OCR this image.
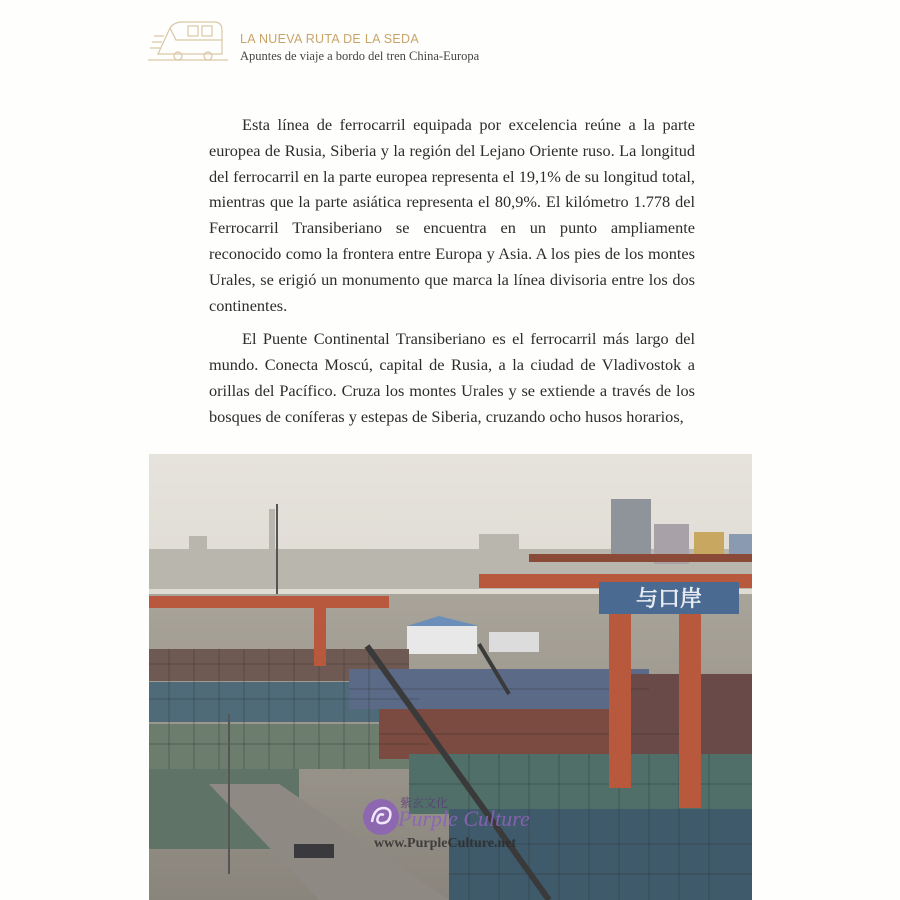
LA NUEVA RUTA DE LA SEDA
Apuntes de viaje a bordo del tren China-Europa

Esta línea de ferrocarril equipada por excelencia reúne a la parte europea de Rusia, Siberia y la región del Lejano Oriente ruso. La longitud del ferrocarril en la parte europea representa el 19,1% de su longitud total, mientras que la parte asiática representa el 80,9%. El kilómetro 1.778 del Ferrocarril Transiberiano se encuentra en un punto ampliamente reconocido como la frontera entre Europa y Asia. A los pies de los montes Urales, se erigió un monumento que marca la línea divisoria entre los dos continentes.

El Puente Continental Transiberiano es el ferrocarril más largo del mundo. Conecta Moscú, capital de Rusia, a la ciudad de Vladivostok a orillas del Pacífico. Cruza los montes Urales y se extiende a través de los bosques de coníferas y estepas de Siberia, cruzando ocho husos horarios,

与口岸
紫玄文化
Purple Culture
www.PurpleCulture.net
